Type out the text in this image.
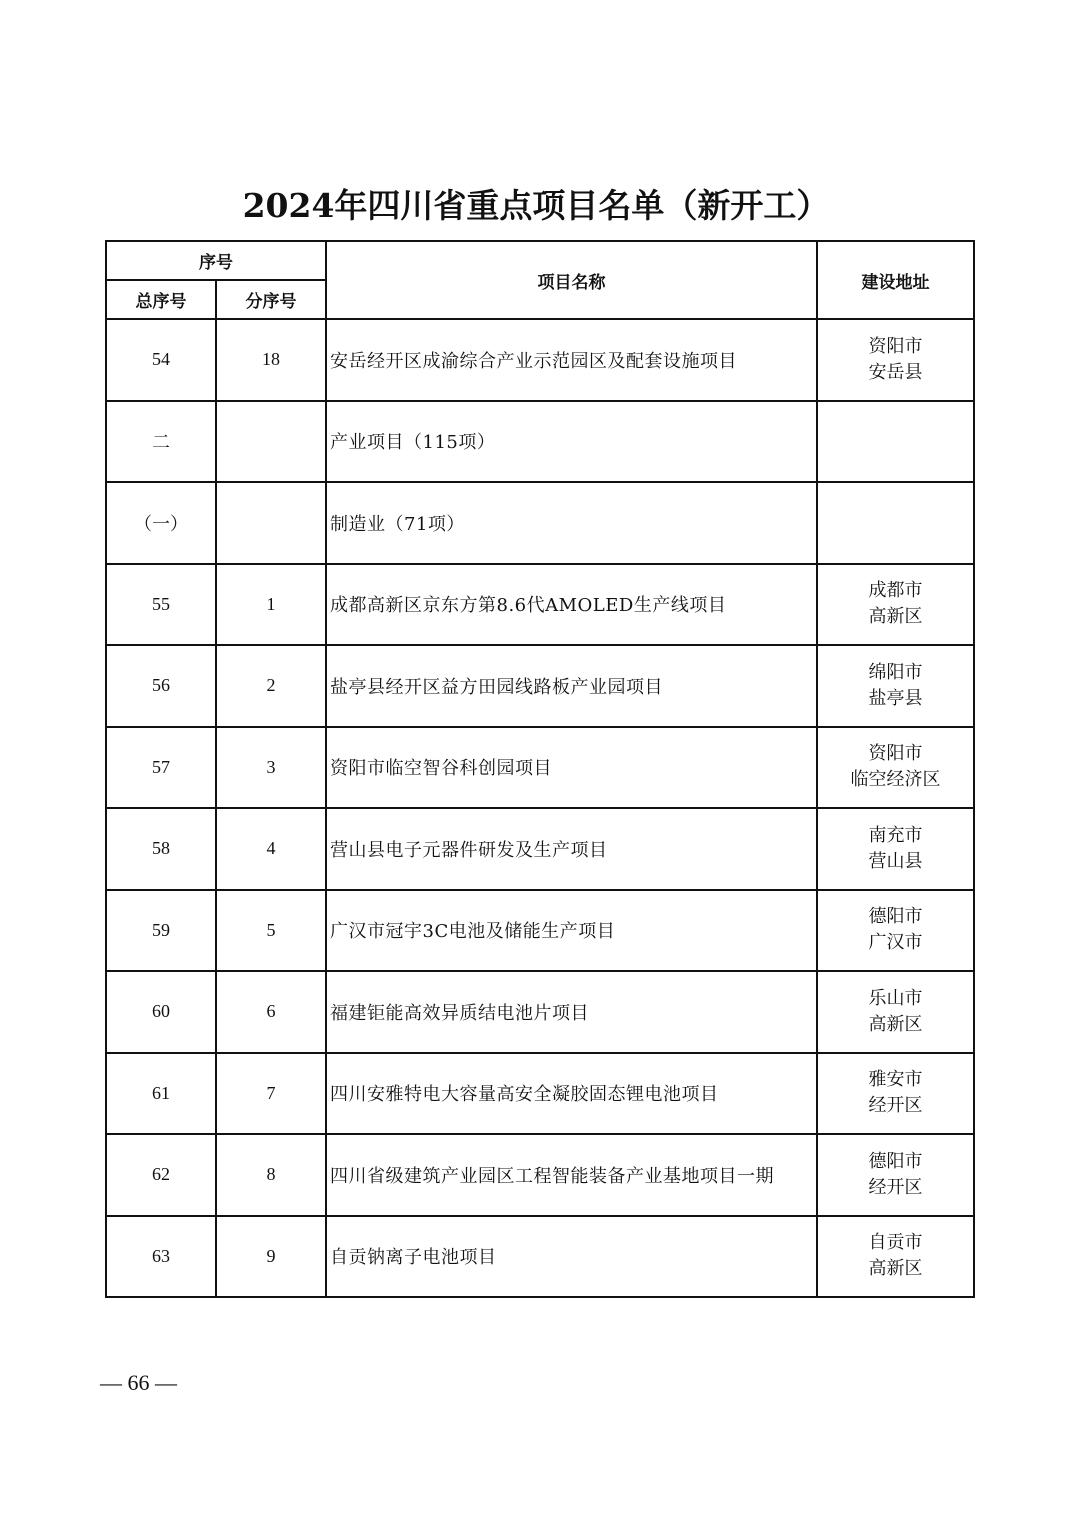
2024年四川省重点项目名单（新开工）
序号		项目名称	建设地址
总序号	分序号		
54	18	安岳经开区成渝综合产业示范园区及配套设施项目	资阳市
安岳县

二		产业项目（115项）	

（一）		制造业（71项）	

55	1	成都高新区京东方第8.6代AMOLED生产线项目	成都市
高新区

56	2	盐亭县经开区益方田园线路板产业园项目	绵阳市
盐亭县

57	3	资阳市临空智谷科创园项目	资阳市
临空经济区

58	4	营山县电子元器件研发及生产项目	南充市
营山县

59	5	广汉市冠宇3C电池及储能生产项目	德阳市
广汉市

60	6	福建钜能高效异质结电池片项目	乐山市
高新区

61	7	四川安雅特电大容量高安全凝胶固态锂电池项目	雅安市
经开区

62	8	四川省级建筑产业园区工程智能装备产业基地项目一期	德阳市
经开区

63	9	自贡钠离子电池项目	自贡市
高新区
— 66 —
